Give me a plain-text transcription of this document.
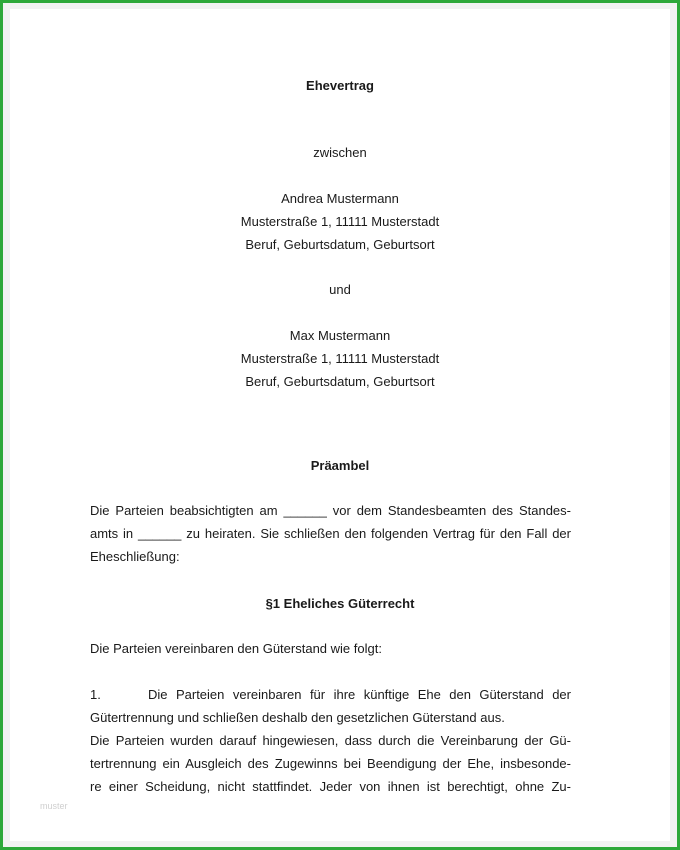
Ehevertrag
zwischen
Andrea Mustermann
Musterstraße 1, 11111 Musterstadt
Beruf, Geburtsdatum, Geburtsort
und
Max Mustermann
Musterstraße 1, 11111 Musterstadt
Beruf, Geburtsdatum, Geburtsort
Präambel
Die Parteien beabsichtigten am ______ vor dem Standesbeamten des Standes-
amts in ______ zu heiraten. Sie schließen den folgenden Vertrag für den Fall der
Eheschließung:
§1 Eheliches Güterrecht
Die Parteien vereinbaren den Güterstand wie folgt:
1.	Die Parteien vereinbaren für ihre künftige Ehe den Güterstand der
Gütertrennung und schließen deshalb den gesetzlichen Güterstand aus.
Die Parteien wurden darauf hingewiesen, dass durch die Vereinbarung der Gü-
tertrennung ein Ausgleich des Zugewinns bei Beendigung der Ehe, insbesonde-
re einer Scheidung, nicht stattfindet. Jeder von ihnen ist berechtigt, ohne Zu-
muster
